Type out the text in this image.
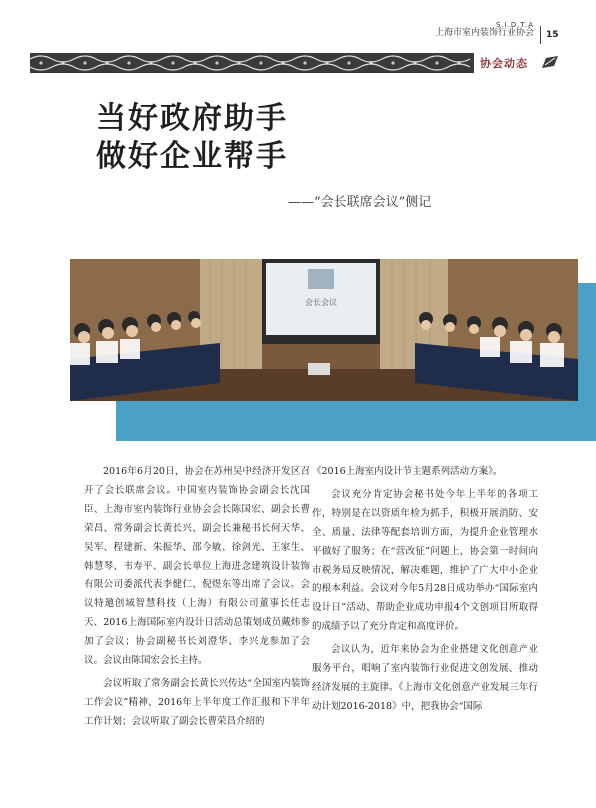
S.I.D.T.A
上海市室内装饰行业协会 15
协会动态
当好政府助手
做好企业帮手
——“会长联席会议”侧记
会长会议

2016年6月20日，协会在苏州吴中经济开发区召开了会长联席会议。中国室内装饰协会副会长沈国臣、上海市室内装饰行业协会会长陈国宏、副会长曹荣昌、常务副会长黄长兴、副会长兼秘书长何天华、吴军、程建新、朱振华、邵今敏、徐剑光、王家生、韩慧琴、韦寿平、副会长单位上海进念建筑设计装饰有限公司委派代表李健仁、倪煜东等出席了会议。会议特邀创域智慧科技（上海）有限公司董事长任志天、2016上海国际室内设计日活动总策划成员戴炜参加了会议；协会副秘书长刘澄华、李兴龙参加了会议。会议由陈国宏会长主持。

会议听取了常务副会长黄长兴传达“全国室内装饰工作会议”精神、2016年上半年度工作汇报和下半年工作计划；会议听取了副会长曹荣昌介绍的

《2016上海室内设计节主题系列活动方案》。

会议充分肯定协会秘书处今年上半年的各项工作，特别是在以资质年检为抓手，积极开展消防、安全、质量、法律等配套培训方面，为提升企业管理水平做好了服务；在“营改征”问题上，协会第一时间向市税务局反映情况，解决难题，维护了广大中小企业的根本利益。会议对今年5月28日成功举办“国际室内设计日”活动、帮助企业成功申报4个文创项目所取得的成绩予以了充分肯定和高度评价。

会议认为，近年来协会为企业搭建文化创意产业服务平台，唱响了室内装饰行业促进文创发展、推动经济发展的主旋律。《上海市文化创意产业发展三年行动计划2016-2018》中，把我协会“国际
